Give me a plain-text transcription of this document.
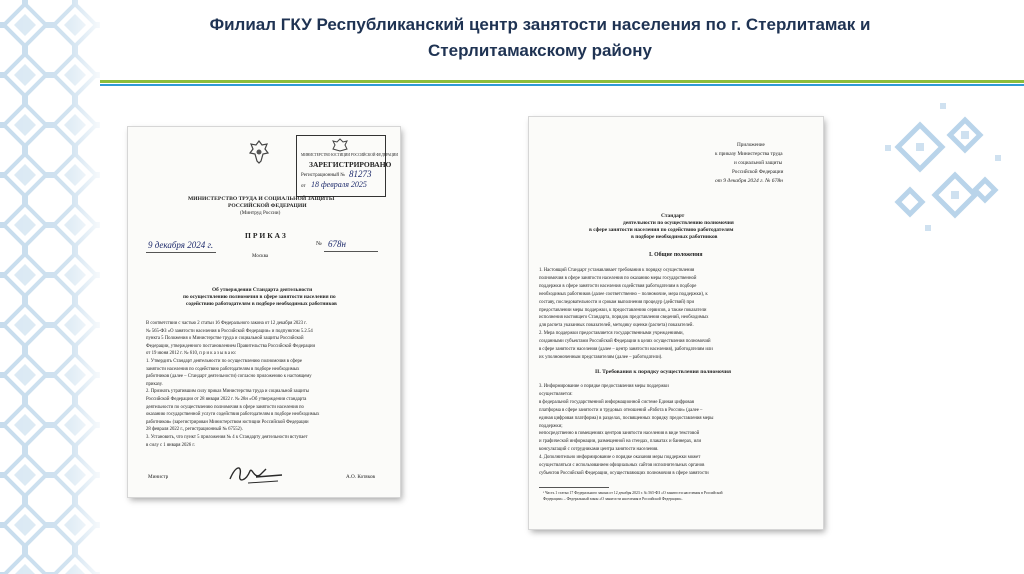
Филиал ГКУ Республиканский центр занятости населения по г. Стерлитамак и
Стерлитамакскому району
МИНИСТЕРСТВО ЮСТИЦИИ РОССИЙСКОЙ ФЕДЕРАЦИИ
ЗАРЕГИСТРИРОВАНО
Регистрационный № 81273
от 18 февраля 2025
МИНИСТЕРСТВО ТРУДА И СОЦИАЛЬНОЙ ЗАЩИТЫ
РОССИЙСКОЙ ФЕДЕРАЦИИ
(Минтруд России)
ПРИКАЗ
9 декабря 2024 г.	№ 678н
Москва
Об утверждении Стандарта деятельности
по осуществлению полномочия в сфере занятости населения по
содействию работодателям в подборе необходимых работников
В соответствии с частью 2 статьи 16 Федерального закона от 12 декабря 2023 г.
№ 565-ФЗ «О занятости населения в Российской Федерации» и подпунктом 5.2.54
пункта 5 Положения о Министерстве труда и социальной защиты Российской
Федерации, утвержденного постановлением Правительства Российской Федерации
от 19 июня 2012 г. № 610, п р и к а з ы в а ю:
1. Утвердить Стандарт деятельности по осуществлению полномочия в сфере
занятости населения по содействию работодателям в подборе необходимых
работников (далее – Стандарт деятельности) согласно приложению к настоящему
приказу.
2. Признать утратившим силу приказ Министерства труда и социальной защиты
Российской Федерации от 28 января 2022 г. № 28н «Об утверждении стандарта
деятельности по осуществлению полномочия в сфере занятости населения по
оказанию государственной услуги содействия работодателям в подборе необходимых
работников» (зарегистрирован Министерством юстиции Российской Федерации
28 февраля 2022 г., регистрационный № 67552).
3. Установить, что пункт 5 приложения № 4 к Стандарту деятельности вступает
в силу с 1 января 2026 г.
Министр	А.О. Котяков
Приложение
к приказу Министерства труда
и социальной защиты
Российской Федерации
от 9 декабря 2024 г. № 678н
Стандарт
деятельности по осуществлению полномочия
в сфере занятости населения по содействию работодателям
в подборе необходимых работников
I. Общие положения
1. Настоящий Стандарт устанавливает требования к порядку осуществления
полномочия в сфере занятости населения по оказанию меры государственной
поддержки в сфере занятости населения содействия работодателям в подборе
необходимых работников (далее соответственно – полномочие, мера поддержки), к
составу, последовательности и срокам выполнения процедур (действий) при
предоставлении меры поддержки, к предоставлению сервисов, а также показатели
исполнения настоящего Стандарта, порядок представления сведений, необходимых
для расчета указанных показателей, методику оценки (расчета) показателей.
2. Мера поддержки предоставляется государственными учреждениями,
созданными субъектами Российской Федерации в целях осуществления полномочий
в сфере занятости населения (далее – центр занятости населения), работодателям или
их уполномоченным представителям (далее – работодатели).
II. Требования к порядку осуществления полномочия
3. Информирование о порядке предоставления меры поддержки
осуществляется:
в федеральной государственной информационной системе Единая цифровая
платформа в сфере занятости и трудовых отношений «Работа в России» (далее –
единая цифровая платформа) в разделах, посвященных порядку предоставления меры
поддержки;
непосредственно в помещениях центров занятости населения в виде текстовой
и графической информации, размещенной на стендах, плакатах и баннерах, или
консультаций с сотрудниками центра занятости населения.
4. Дополнительно информирование о порядке оказания меры поддержки может
осуществляться с использованием официальных сайтов исполнительных органов
субъектов Российской Федерации, осуществляющих полномочия в сфере занятости
¹ Часть 1 статьи 17 Федерального закона от 12 декабря 2023 г. № 565-ФЗ «О занятости населения в Российской
Федерации» – Федеральный закон «О занятости населения в Российской Федерации».
